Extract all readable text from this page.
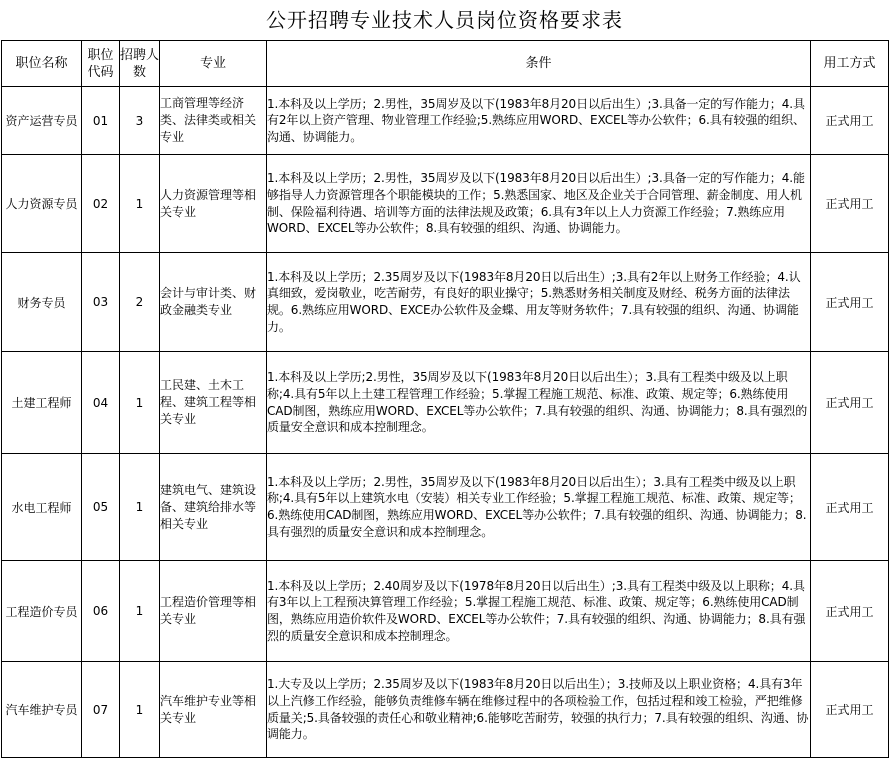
公开招聘专业技术人员岗位资格要求表
职位名称	职位代码	招聘人数	专业	条件	用工方式
资产运营专员	01	3	工商管理等经济类、法律类或相关专业	1.本科及以上学历；2.男性，35周岁及以下(1983年8月20日以后出生）;3.具备一定的写作能力；4.具有2年以上资产管理、物业管理工作经验;5.熟练应用WORD、EXCEL等办公软件；6.具有较强的组织、沟通、协调能力。	正式用工
人力资源专员	02	1	人力资源管理等相关专业	1.本科及以上学历；2.男性，35周岁及以下(1983年8月20日以后出生）;3.具备一定的写作能力；4.能够指导人力资源管理各个职能模块的工作；5.熟悉国家、地区及企业关于合同管理、薪金制度、用人机制、保险福利待遇、培训等方面的法律法规及政策；6.具有3年以上人力资源工作经验；7.熟练应用WORD、EXCEL等办公软件；8.具有较强的组织、沟通、协调能力。	正式用工
财务专员	03	2	会计与审计类、财政金融类专业	1.本科及以上学历；2.35周岁及以下(1983年8月20日以后出生）;3.具有2年以上财务工作经验；4.认真细致，爱岗敬业，吃苦耐劳，有良好的职业操守；5.熟悉财务相关制度及财经、税务方面的法律法规。6.熟练应用WORD、EXCE办公软件及金蝶、用友等财务软件；7.具有较强的组织、沟通、协调能力。	正式用工
土建工程师	04	1	工民建、土木工程、建筑工程等相关专业	1.本科及以上学历;2.男性，35周岁及以下(1983年8月20日以后出生）；3.具有工程类中级及以上职称;4.具有5年以上土建工程管理工作经验；5.掌握工程施工规范、标准、政策、规定等；6.熟练使用CAD制图，熟练应用WORD、EXCEL等办公软件；7.具有较强的组织、沟通、协调能力；8.具有强烈的质量安全意识和成本控制理念。	正式用工
水电工程师	05	1	建筑电气、建筑设备、建筑给排水等相关专业	1.本科及以上学历；2.男性，35周岁及以下(1983年8月20日以后出生）；3.具有工程类中级及以上职称;4.具有5年以上建筑水电（安装）相关专业工作经验；5.掌握工程施工规范、标准、政策、规定等；6.熟练使用CAD制图，熟练应用WORD、EXCEL等办公软件；7.具有较强的组织、沟通、协调能力；8.具有强烈的质量安全意识和成本控制理念。	正式用工
工程造价专员	06	1	工程造价管理等相关专业	1.本科及以上学历；2.40周岁及以下(1978年8月20日以后出生）;3.具有工程类中级及以上职称；4.具有3年以上工程预决算管理工作经验；5.掌握工程施工规范、标准、政策、规定等；6.熟练使用CAD制图，熟练应用造价软件及WORD、EXCEL等办公软件；7.具有较强的组织、沟通、协调能力；8.具有强烈的质量安全意识和成本控制理念。	正式用工
汽车维护专员	07	1	汽车维护专业等相关专业	1.大专及以上学历；2.35周岁及以下(1983年8月20日以后出生）；3.技师及以上职业资格；4.具有3年以上汽修工作经验，能够负责维修车辆在维修过程中的各项检验工作，包括过程和竣工检验，严把维修质量关;5.具备较强的责任心和敬业精神;6.能够吃苦耐劳，较强的执行力；7.具有较强的组织、沟通、协调能力。	正式用工
